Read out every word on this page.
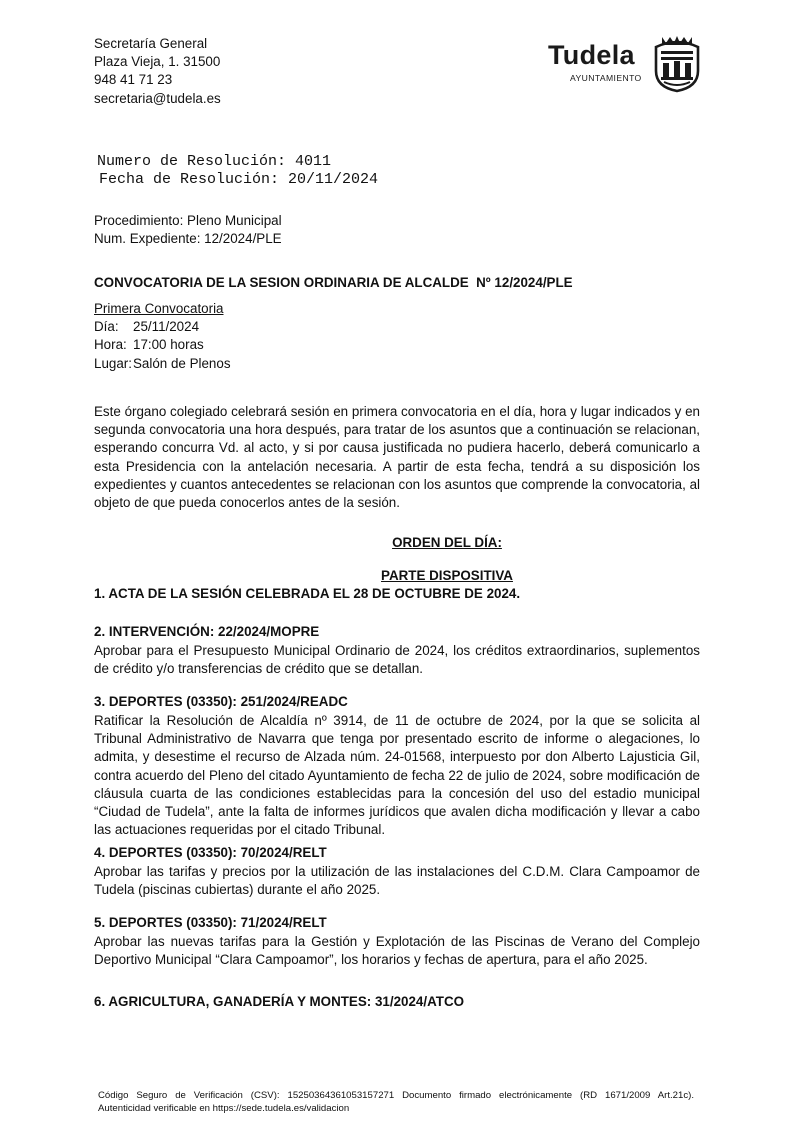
Secretaría General
Plaza Vieja, 1. 31500
948 41 71 23
secretaria@tudela.es
Tudela
AYUNTAMIENTO
Numero de Resolución: 4011
Fecha de Resolución: 20/11/2024
Procedimiento: Pleno Municipal
Num. Expediente: 12/2024/PLE
CONVOCATORIA DE LA SESION ORDINARIA DE ALCALDE  Nº 12/2024/PLE
Primera Convocatoria
Día:	25/11/2024
Hora: 17:00 horas
Lugar: Salón de Plenos
Este órgano colegiado celebrará sesión en primera convocatoria en el día, hora y lugar indicados y en segunda convocatoria una hora después, para tratar de los asuntos que a continuación se relacionan, esperando concurra Vd. al acto, y si por causa justificada no pudiera hacerlo, deberá comunicarlo a esta Presidencia con la antelación necesaria. A partir de esta fecha, tendrá a su disposición los expedientes y cuantos antecedentes se relacionan con los asuntos que comprende la convocatoria, al objeto de que pueda conocerlos antes de la sesión.
ORDEN DEL DÍA:
PARTE DISPOSITIVA
1. ACTA DE LA SESIÓN CELEBRADA EL 28 DE OCTUBRE DE 2024.
2. INTERVENCIÓN: 22/2024/MOPRE
Aprobar para el Presupuesto Municipal Ordinario de 2024, los créditos extraordinarios, suplementos de crédito y/o transferencias de crédito que se detallan.
3. DEPORTES (03350): 251/2024/READC
Ratificar la Resolución de Alcaldía nº 3914, de 11 de octubre de 2024, por la que se solicita al Tribunal Administrativo de Navarra que tenga por presentado escrito de informe o alegaciones, lo admita, y desestime el recurso de Alzada núm. 24-01568, interpuesto por don Alberto Lajusticia Gil, contra acuerdo del Pleno del citado Ayuntamiento de fecha 22 de julio de 2024, sobre modificación de cláusula cuarta de las condiciones establecidas para la concesión del uso del estadio municipal “Ciudad de Tudela”, ante la falta de informes jurídicos que avalen dicha modificación y llevar a cabo las actuaciones requeridas por el citado Tribunal.
4. DEPORTES (03350): 70/2024/RELT
Aprobar las tarifas y precios por la utilización de las instalaciones del C.D.M. Clara Campoamor de Tudela (piscinas cubiertas) durante el año 2025.
5. DEPORTES (03350): 71/2024/RELT
Aprobar las nuevas tarifas para la Gestión y Explotación de las Piscinas de Verano del Complejo Deportivo Municipal “Clara Campoamor”, los horarios y fechas de apertura, para el año 2025.
6. AGRICULTURA, GANADERÍA Y MONTES: 31/2024/ATCO
Código Seguro de Verificación (CSV): 15250364361053157271 Documento firmado electrónicamente (RD 1671/2009 Art.21c).
Autenticidad verificable en https://sede.tudela.es/validacion
